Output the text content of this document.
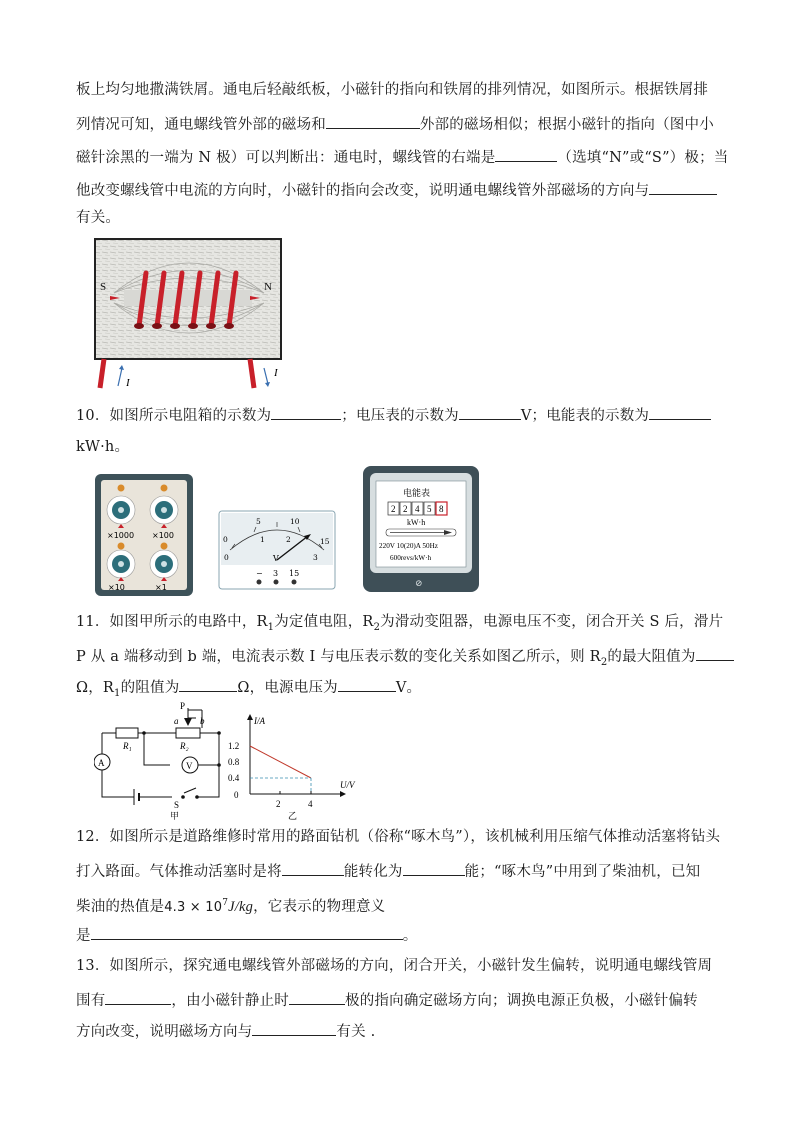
板上均匀地撒满铁屑。通电后轻敲纸板，小磁针的指向和铁屑的排列情况，如图所示。根据铁屑排
列情况可知，通电螺线管外部的磁场和	外部的磁场相似；根据小磁针的指向（图中小
磁针涂黑的一端为 N 极）可以判断出：通电时，螺线管的右端是	（选填“N”或“S”）极；当
他改变螺线管中电流的方向时，小磁针的指向会改变，说明通电螺线管外部磁场的方向与
有关。
S	N
I
I
10．如图所示电阻箱的示数为	；电压表的示数为	V；电能表的示数为
kW·h。
×1000 ×100
×10	×1
0
5	10
15
0
1	2
3
V
− 3 15
电能表
2 2 4 5 8
kW·h
220V 10(20)A 50Hz
600revs/kW·h
⊘
11．如图甲所示的电路中，$R_1$为定值电阻，$R_2$为滑动变阻器，电源电压不变，闭合开关 S 后，滑片
P 从 a 端移动到 b 端，电流表示数 I 与电压表示数的变化关系如图乙所示，则 $R_2$的最大阻值为
Ω，$R_1$的阻值为	Ω，电源电压为	V。
P
a b
R₁	R₂
A	V
S
甲
I/A
U/V
1.2
0.8
0.4
0
2	4
乙
12．如图所示是道路维修时常用的路面钻机（俗称“啄木鸟”），该机械利用压缩气体推动活塞将钻头
打入路面。气体推动活塞时是将	能转化为	能；“啄木鸟”中用到了柴油机，已知
柴油的热值是$4.3 \times 10^7J/kg$，它表示的物理意义
是	。
13．如图所示，探究通电螺线管外部磁场的方向，闭合开关，小磁针发生偏转，说明通电螺线管周
围有	，由小磁针静止时	极的指向确定磁场方向；调换电源正负极，小磁针偏转
方向改变，说明磁场方向与	有关 .
